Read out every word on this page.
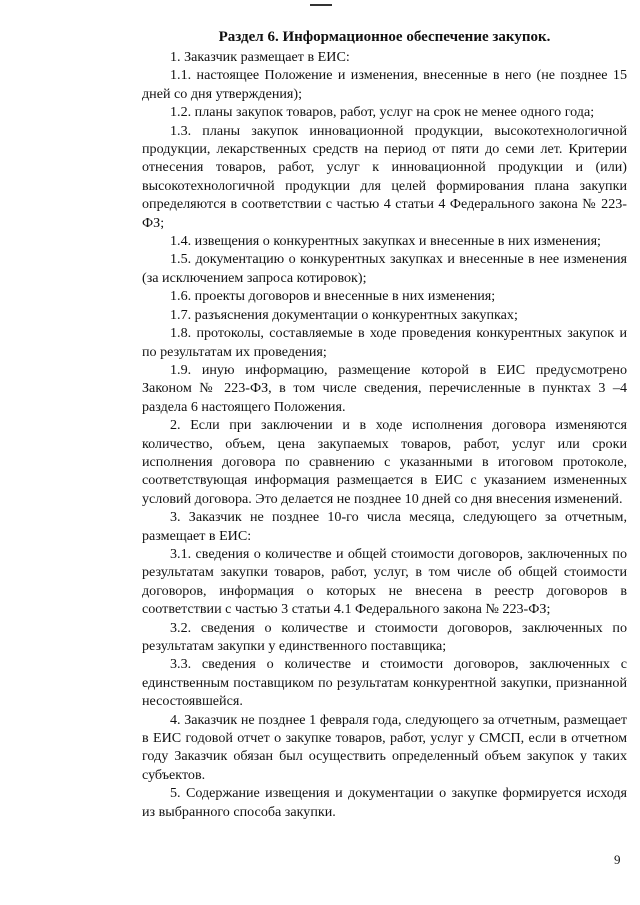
Раздел 6. Информационное обеспечение закупок.

1. Заказчик размещает в ЕИС:

1.1. настоящее Положение и изменения, внесенные в него (не позднее 15 дней со дня утверждения);

1.2. планы закупок товаров, работ, услуг на срок не менее одного года;

1.3. планы закупок инновационной продукции, высокотехнологичной продукции, лекарственных средств на период от пяти до семи лет. Критерии отнесения товаров, работ, услуг к инновационной продукции и (или) высокотехнологичной продукции для целей формирования плана закупки определяются в соответствии с частью 4 статьи 4 Федерального закона № 223-ФЗ;

1.4. извещения о конкурентных закупках и внесенные в них изменения;

1.5. документацию о конкурентных закупках и внесенные в нее изменения (за исключением запроса котировок);

1.6. проекты договоров и внесенные в них изменения;

1.7. разъяснения документации о конкурентных закупках;

1.8. протоколы, составляемые в ходе проведения конкурентных закупок и по результатам их проведения;

1.9. иную информацию, размещение которой в ЕИС предусмотрено Законом № 223-ФЗ, в том числе сведения, перечисленные в пунктах 3 –4 раздела 6 настоящего Положения.

2. Если при заключении и в ходе исполнения договора изменяются количество, объем, цена закупаемых товаров, работ, услуг или сроки исполнения договора по сравнению с указанными в итоговом протоколе, соответствующая информация размещается в ЕИС с указанием измененных условий договора. Это делается не позднее 10 дней со дня внесения изменений.

3. Заказчик не позднее 10-го числа месяца, следующего за отчетным, размещает в ЕИС:

3.1. сведения о количестве и общей стоимости договоров, заключенных по результатам закупки товаров, работ, услуг, в том числе об общей стоимости договоров, информация о которых не внесена в реестр договоров в соответствии с частью 3 статьи 4.1 Федерального закона № 223-ФЗ;

3.2. сведения о количестве и стоимости договоров, заключенных по результатам закупки у единственного поставщика;

3.3. сведения о количестве и стоимости договоров, заключенных с единственным поставщиком по результатам конкурентной закупки, признанной несостоявшейся.

4. Заказчик не позднее 1 февраля года, следующего за отчетным, размещает в ЕИС годовой отчет о закупке товаров, работ, услуг у СМСП, если в отчетном году Заказчик обязан был осуществить определенный объем закупок у таких субъектов.

5. Содержание извещения и документации о закупке формируется исходя из выбранного способа закупки.

9
